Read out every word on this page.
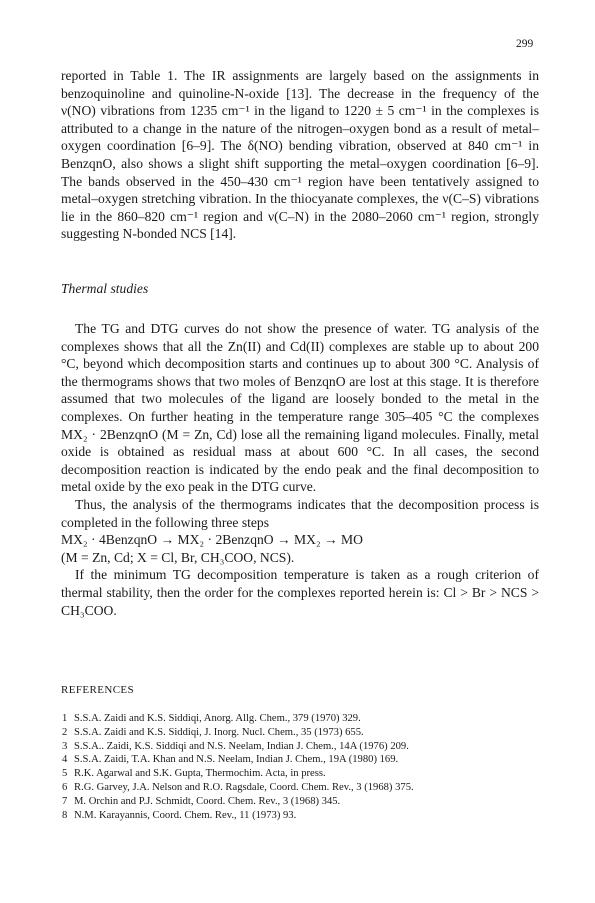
299

reported in Table 1. The IR assignments are largely based on the assignments in benzoquinoline and quinoline-N-oxide [13]. The decrease in the frequency of the ν(NO) vibrations from 1235 cm⁻¹ in the ligand to 1220 ± 5 cm⁻¹ in the complexes is attributed to a change in the nature of the nitrogen–oxygen bond as a result of metal–oxygen coordination [6–9]. The δ(NO) bending vibration, observed at 840 cm⁻¹ in BenzqnO, also shows a slight shift supporting the metal–oxygen coordination [6–9]. The bands observed in the 450–430 cm⁻¹ region have been tentatively assigned to metal–oxygen stretching vibration. In the thiocyanate complexes, the ν(C–S) vibrations lie in the 860–820 cm⁻¹ region and ν(C–N) in the 2080–2060 cm⁻¹ region, strongly suggesting N-bonded NCS [14].

Thermal studies

The TG and DTG curves do not show the presence of water. TG analysis of the complexes shows that all the Zn(II) and Cd(II) complexes are stable up to about 200 °C, beyond which decomposition starts and continues up to about 300 °C. Analysis of the thermograms shows that two moles of BenzqnO are lost at this stage. It is therefore assumed that two molecules of the ligand are loosely bonded to the metal in the complexes. On further heating in the temperature range 305–405 °C the complexes MX₂ · 2BenzqnO (M = Zn, Cd) lose all the remaining ligand molecules. Finally, metal oxide is obtained as residual mass at about 600 °C. In all cases, the second decomposition reaction is indicated by the endo peak and the final decomposition to metal oxide by the exo peak in the DTG curve.

Thus, the analysis of the thermograms indicates that the decomposition process is completed in the following three steps

MX₂ · 4BenzqnO → MX₂ · 2BenzqnO → MX₂ → MO

(M = Zn, Cd; X = Cl, Br, CH₃COO, NCS).

If the minimum TG decomposition temperature is taken as a rough criterion of thermal stability, then the order for the complexes reported herein is: Cl > Br > NCS > CH₃COO.

REFERENCES
1 S.S.A. Zaidi and K.S. Siddiqi, Anorg. Allg. Chem., 379 (1970) 329.
2 S.S.A. Zaidi and K.S. Siddiqi, J. Inorg. Nucl. Chem., 35 (1973) 655.
3 S.S.A.. Zaidi, K.S. Siddiqi and N.S. Neelam, Indian J. Chem., 14A (1976) 209.
4 S.S.A. Zaidi, T.A. Khan and N.S. Neelam, Indian J. Chem., 19A (1980) 169.
5 R.K. Agarwal and S.K. Gupta, Thermochim. Acta, in press.
6 R.G. Garvey, J.A. Nelson and R.O. Ragsdale, Coord. Chem. Rev., 3 (1968) 375.
7 M. Orchin and P.J. Schmidt, Coord. Chem. Rev., 3 (1968) 345.
8 N.M. Karayannis, Coord. Chem. Rev., 11 (1973) 93.
